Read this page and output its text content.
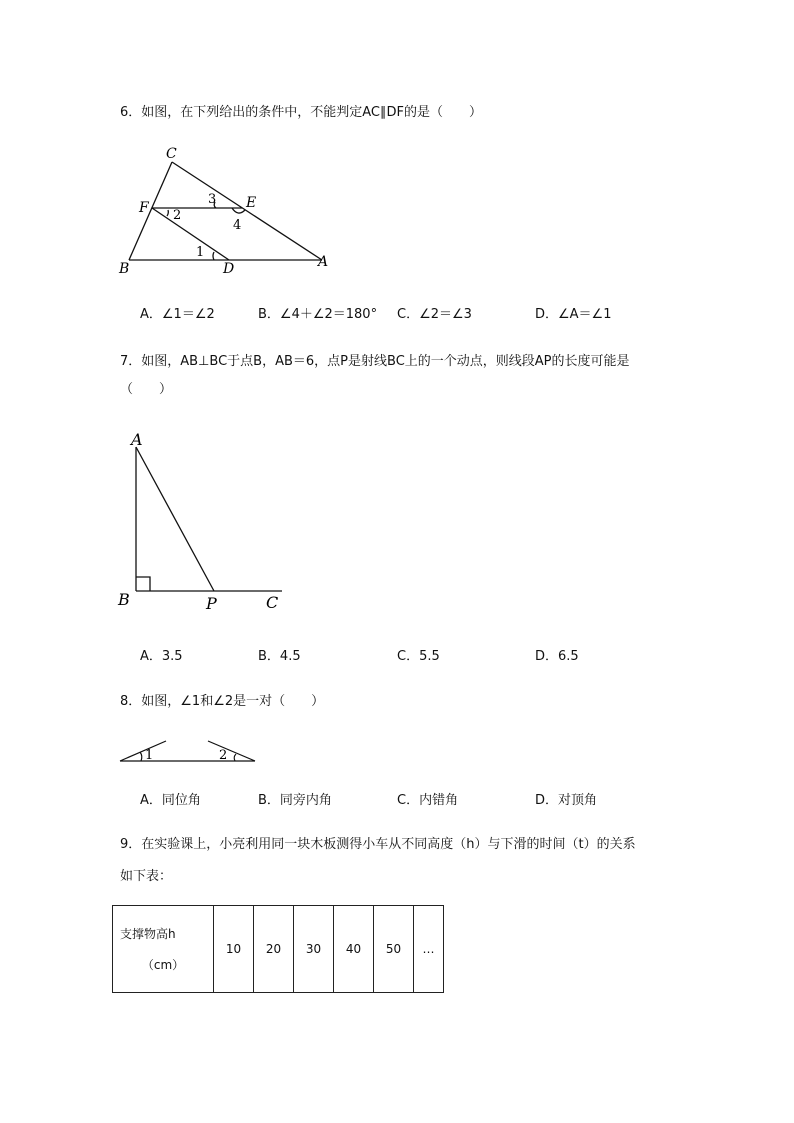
6．如图，在下列给出的条件中，不能判定AC∥DF的是（　　）
C
F	E
B	D	A
1
2
3
4
A．∠1＝∠2	B．∠4＋∠2＝180° C．∠2＝∠3	D．∠A＝∠1
7．如图，AB⊥BC于点B，AB＝6，点P是射线BC上的一个动点，则线段AP的长度可能是
（　　）
A
B	P	C
A．3.5	B．4.5	C．5.5	D．6.5
8．如图，∠1和∠2是一对（　　）
1	2
A．同位角	B．同旁内角	C．内错角	D．对顶角
9．在实验课上，小亮利用同一块木板测得小车从不同高度（h）与下滑的时间（t）的关系
如下表：
支撑物高h
（cm）
	10	20	30	40	50	…
